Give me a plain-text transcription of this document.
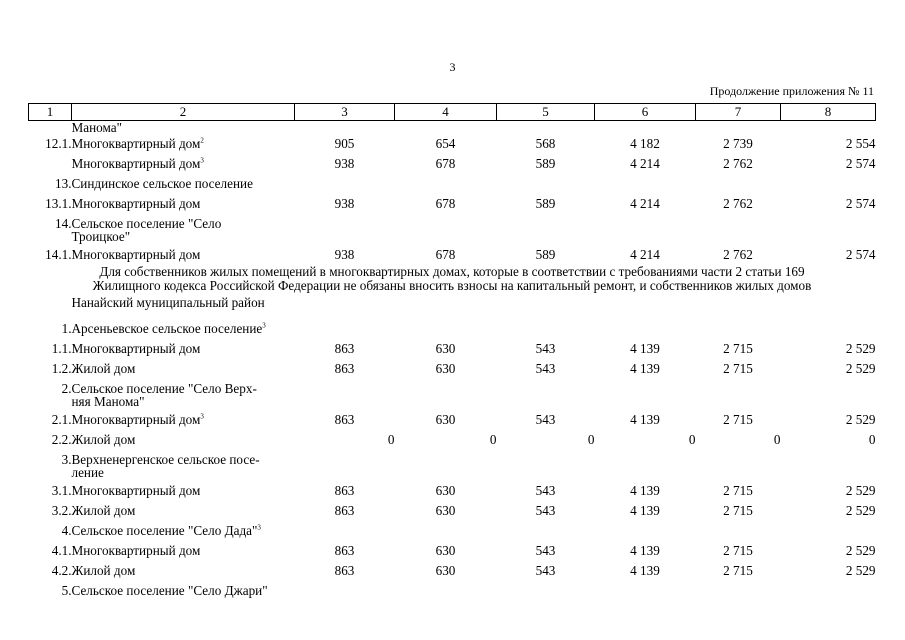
3
Продолжение приложения № 11
1	2	3	4	5	6	7	8
	Манома"						
12.1.	Многоквартирный дом$^2$	905	654	568	4 182	2 739	2 554
	Многоквартирный дом$^3$	938	678	589	4 214	2 762	2 574
13.	Синдинское сельское поселение						
13.1.	Многоквартирный дом	938	678	589	4 214	2 762	2 574
14.	Сельское поселение "Село
Троицкое"						

14.1.	Многоквартирный дом	938	678	589	4 214	2 762	2 574

Для собственников жилых помещений в многоквартирных домах, которые в соответствии с требованиями части 2 статьи 169
Жилищного кодекса Российской Федерации не обязаны вносить взносы на капитальный ремонт, и собственников жилых домов							

	Нанайский муниципальный район						
1.	Арсеньевское сельское поселение$^3$						
1.1.	Многоквартирный дом	863	630	543	4 139	2 715	2 529
1.2.	Жилой дом	863	630	543	4 139	2 715	2 529
2.	Сельское поселение "Село Верх-
няя Манома"						

2.1.	Многоквартирный дом$^3$	863	630	543	4 139	2 715	2 529
2.2.	Жилой дом	0	0	0	0	0	0
3.	Верхненергенское сельское посе-
ление						

3.1.	Многоквартирный дом	863	630	543	4 139	2 715	2 529
3.2.	Жилой дом	863	630	543	4 139	2 715	2 529
4.	Сельское поселение "Село Дада"$^3$						
4.1.	Многоквартирный дом	863	630	543	4 139	2 715	2 529
4.2.	Жилой дом	863	630	543	4 139	2 715	2 529
5.	Сельское поселение "Село Джари"						
